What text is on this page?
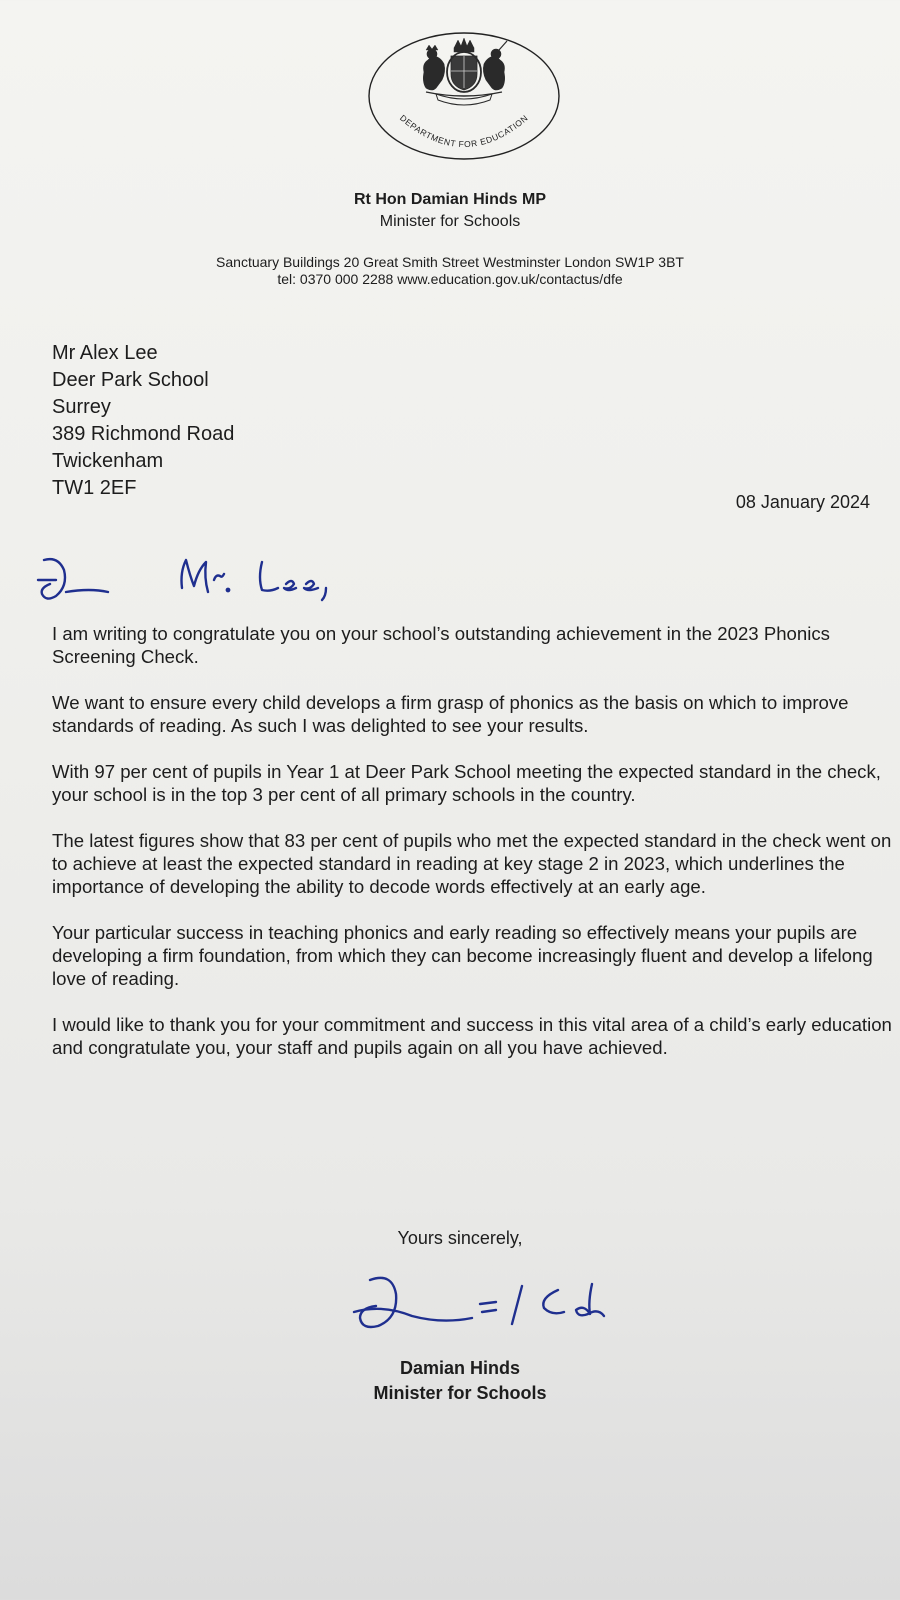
DEPARTMENT FOR EDUCATION
Rt Hon Damian Hinds MP
Minister for Schools
Sanctuary Buildings 20 Great Smith Street Westminster London SW1P 3BT
tel: 0370 000 2288 www.education.gov.uk/contactus/dfe
Mr Alex Lee
Deer Park School
Surrey
389 Richmond Road
Twickenham
TW1 2EF
08 January 2024

I am writing to congratulate you on your school’s outstanding achievement in the 2023 Phonics Screening Check.

We want to ensure every child develops a firm grasp of phonics as the basis on which to improve standards of reading. As such I was delighted to see your results.

With 97 per cent of pupils in Year 1 at Deer Park School meeting the expected standard in the check, your school is in the top 3 per cent of all primary schools in the country.

The latest figures show that 83 per cent of pupils who met the expected standard in the check went on to achieve at least the expected standard in reading at key stage 2 in 2023, which underlines the importance of developing the ability to decode words effectively at an early age.

Your particular success in teaching phonics and early reading so effectively means your pupils are developing a firm foundation, from which they can become increasingly fluent and develop a lifelong love of reading.

I would like to thank you for your commitment and success in this vital area of a child’s early education and congratulate you, your staff and pupils again on all you have achieved.

Yours sincerely,
Damian Hinds
Minister for Schools
